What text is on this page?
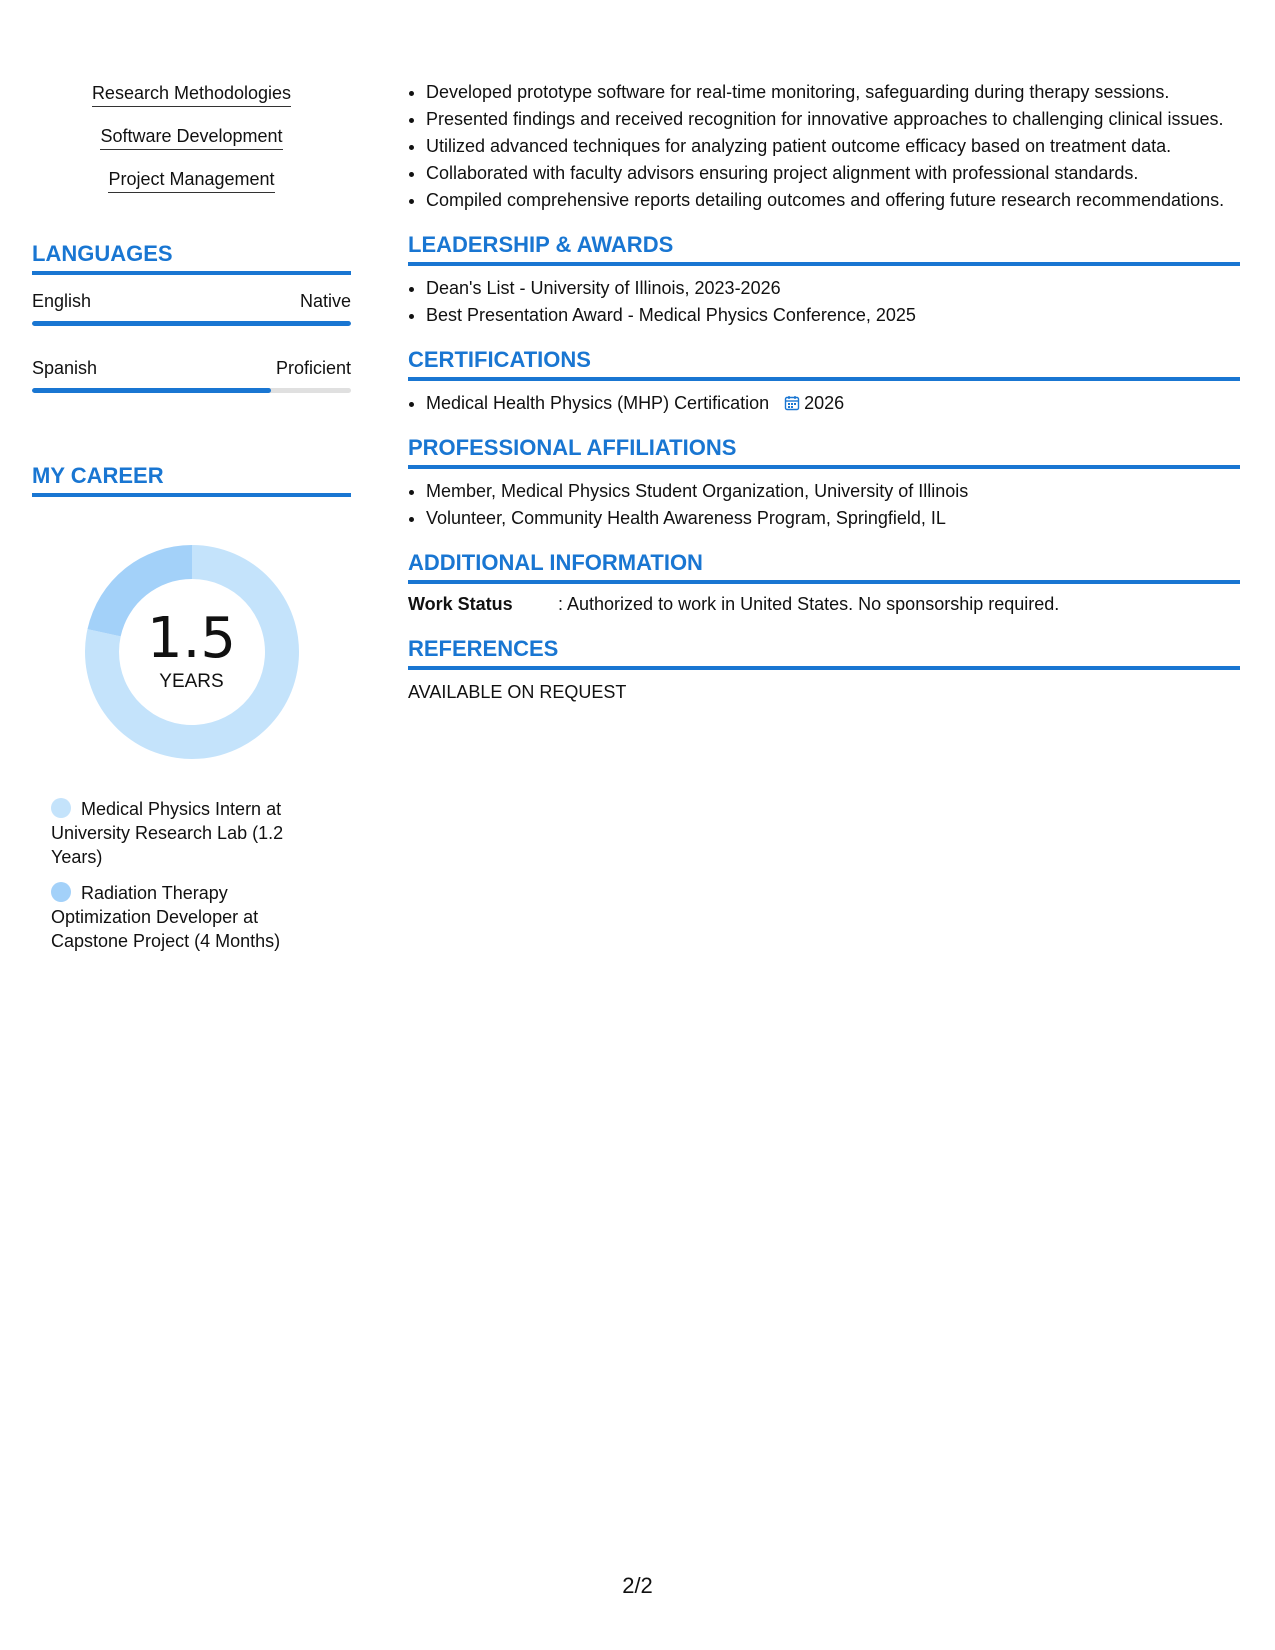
Research Methodologies
Software Development
Project Management
LANGUAGES
English	Native
Spanish	Proficient
MY CAREER
1.5
YEARS
Medical Physics Intern at University Research Lab (1.2 Years)
Radiation Therapy Optimization Developer at Capstone Project (4 Months)
• Developed prototype software for real-time monitoring, safeguarding during therapy sessions.
• Presented findings and received recognition for innovative approaches to challenging clinical issues.
• Utilized advanced techniques for analyzing patient outcome efficacy based on treatment data.
• Collaborated with faculty advisors ensuring project alignment with professional standards.
• Compiled comprehensive reports detailing outcomes and offering future research recommendations.
LEADERSHIP & AWARDS
• Dean's List - University of Illinois, 2023-2026
• Best Presentation Award - Medical Physics Conference, 2025
CERTIFICATIONS
• Medical Health Physics (MHP) Certification 2026
PROFESSIONAL AFFILIATIONS
• Member, Medical Physics Student Organization, University of Illinois
• Volunteer, Community Health Awareness Program, Springfield, IL
ADDITIONAL INFORMATION
Work Status	: Authorized to work in United States. No sponsorship required.
REFERENCES
AVAILABLE ON REQUEST
2/2
